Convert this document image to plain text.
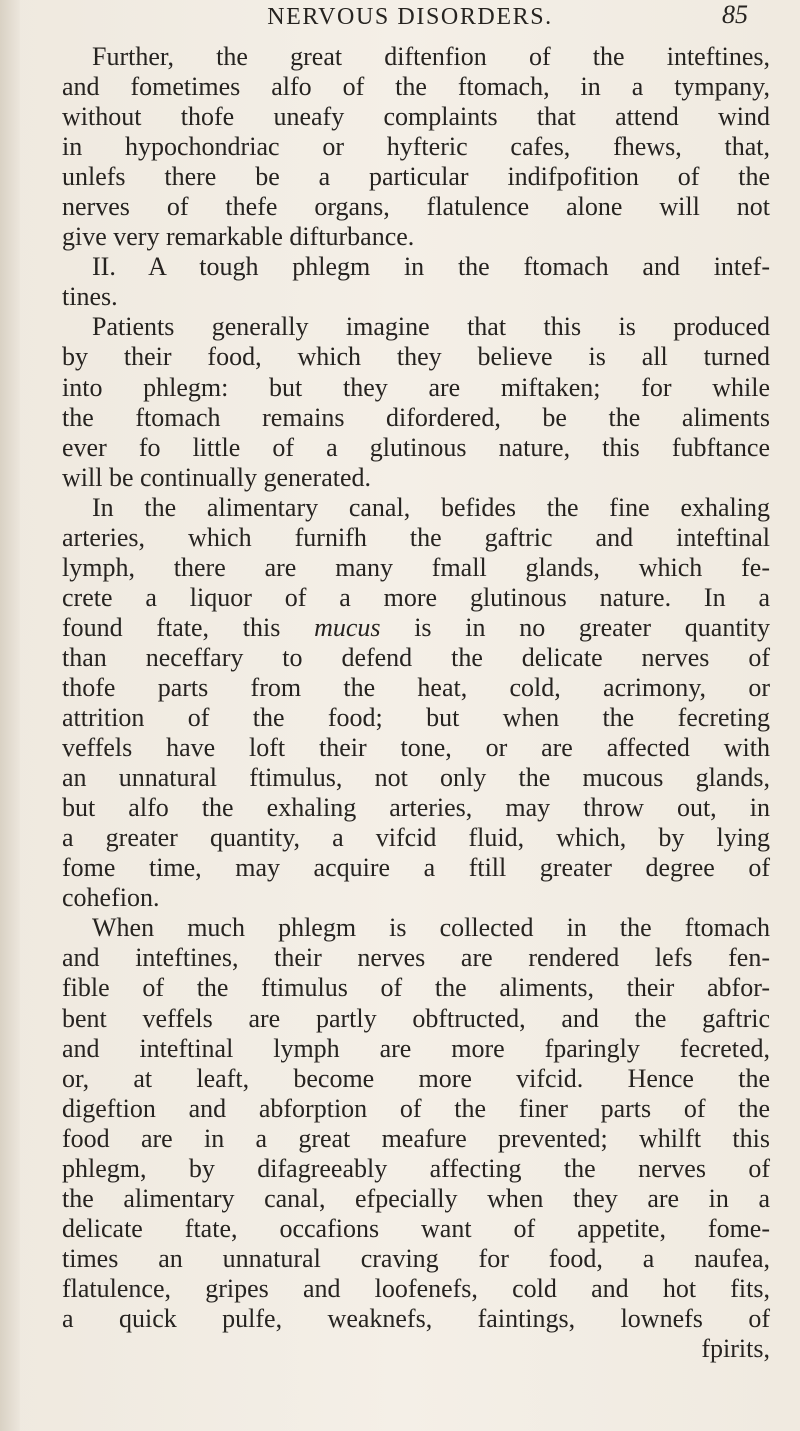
NERVOUS DISORDERS.	85
Further, the great diftenfion of the inteftines,
and fometimes alfo of the ftomach, in a tympany,
without thofe uneafy complaints that attend wind
in hypochondriac or hyfteric cafes, fhews, that,
unlefs there be a particular indifpofition of the
nerves of thefe organs, flatulence alone will not
give very remarkable difturbance.
II. A tough phlegm in the ftomach and intef-
tines.
Patients generally imagine that this is produced
by their food, which they believe is all turned
into phlegm: but they are miftaken; for while
the ftomach remains difordered, be the aliments
ever fo little of a glutinous nature, this fubftance
will be continually generated.
In the alimentary canal, befides the fine exhaling
arteries, which furnifh the gaftric and inteftinal
lymph, there are many fmall glands, which fe-
crete a liquor of a more glutinous nature. In a
found ftate, this mucus is in no greater quantity
than neceffary to defend the delicate nerves of
thofe parts from the heat, cold, acrimony, or
attrition of the food; but when the fecreting
veffels have loft their tone, or are affected with
an unnatural ftimulus, not only the mucous glands,
but alfo the exhaling arteries, may throw out, in
a greater quantity, a vifcid fluid, which, by lying
fome time, may acquire a ftill greater degree of
cohefion.
When much phlegm is collected in the ftomach
and inteftines, their nerves are rendered lefs fen-
fible of the ftimulus of the aliments, their abfor-
bent veffels are partly obftructed, and the gaftric
and inteftinal lymph are more fparingly fecreted,
or, at leaft, become more vifcid. Hence the
digeftion and abforption of the finer parts of the
food are in a great meafure prevented; whilft this
phlegm, by difagreeably affecting the nerves of
the alimentary canal, efpecially when they are in a
delicate ftate, occafions want of appetite, fome-
times an unnatural craving for food, a naufea,
flatulence, gripes and loofenefs, cold and hot fits,
a quick pulfe, weaknefs, faintings, lownefs of
fpirits,
